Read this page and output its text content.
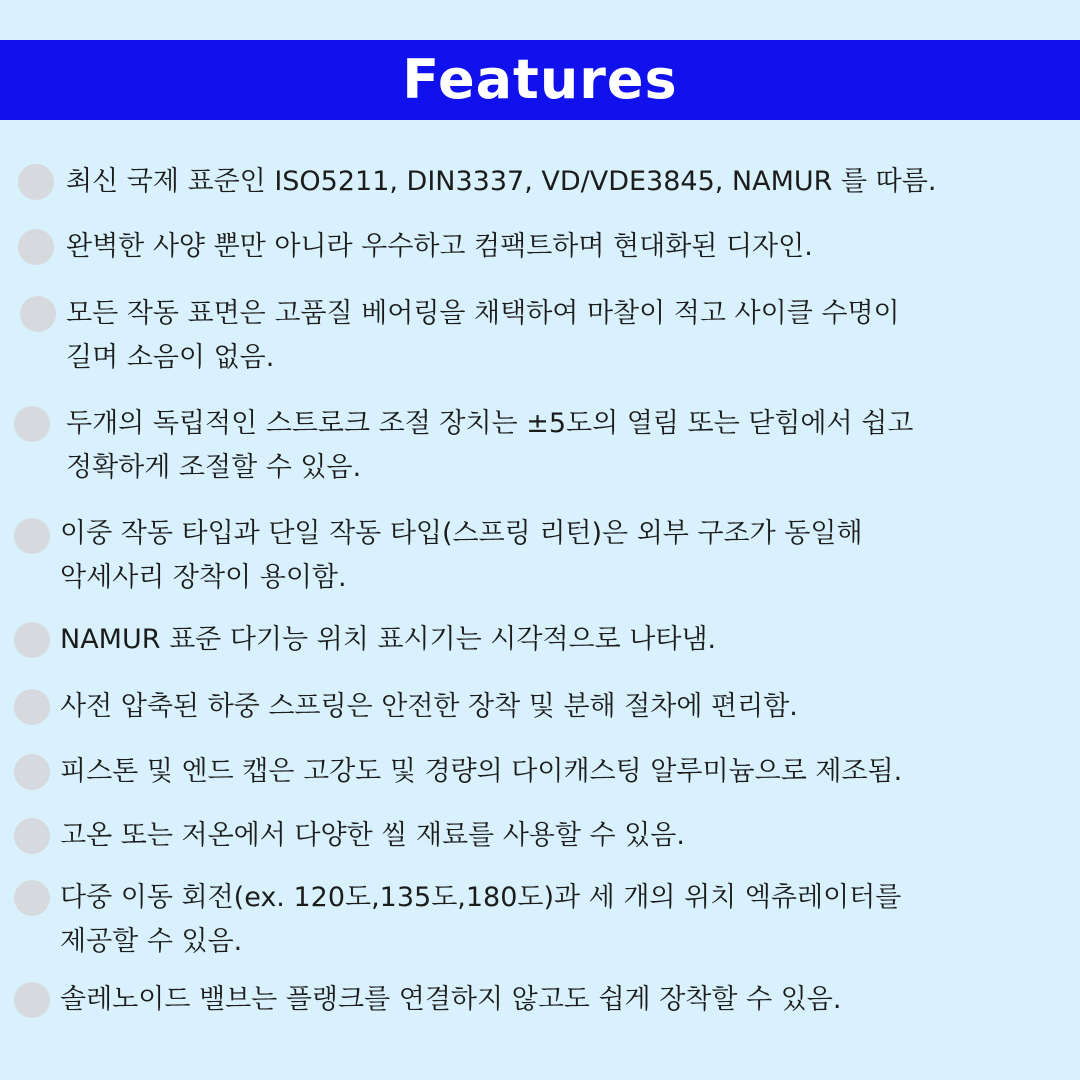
Features
최신 국제 표준인 ISO5211, DIN3337, VD/VDE3845, NAMUR 를 따름.
완벽한 사양 뿐만 아니라 우수하고 컴팩트하며 현대화된 디자인.
모든 작동 표면은 고품질 베어링을 채택하여 마찰이 적고 사이클 수명이
길며 소음이 없음.
두개의 독립적인 스트로크 조절 장치는 ±5도의 열림 또는 닫힘에서 쉽고
정확하게 조절할 수 있음.
이중 작동 타입과 단일 작동 타입(스프링 리턴)은 외부 구조가 동일해
악세사리 장착이 용이함.
NAMUR 표준 다기능 위치 표시기는 시각적으로 나타냄.
사전 압축된 하중 스프링은 안전한 장착 및 분해 절차에 편리함.
피스톤 및 엔드 캡은 고강도 및 경량의 다이캐스팅 알루미늄으로 제조됨.
고온 또는 저온에서 다양한 씰 재료를 사용할 수 있음.
다중 이동 회전(ex. 120도,135도,180도)과 세 개의 위치 엑츄레이터를
제공할 수 있음.
솔레노이드 밸브는 플랭크를 연결하지 않고도 쉽게 장착할 수 있음.
